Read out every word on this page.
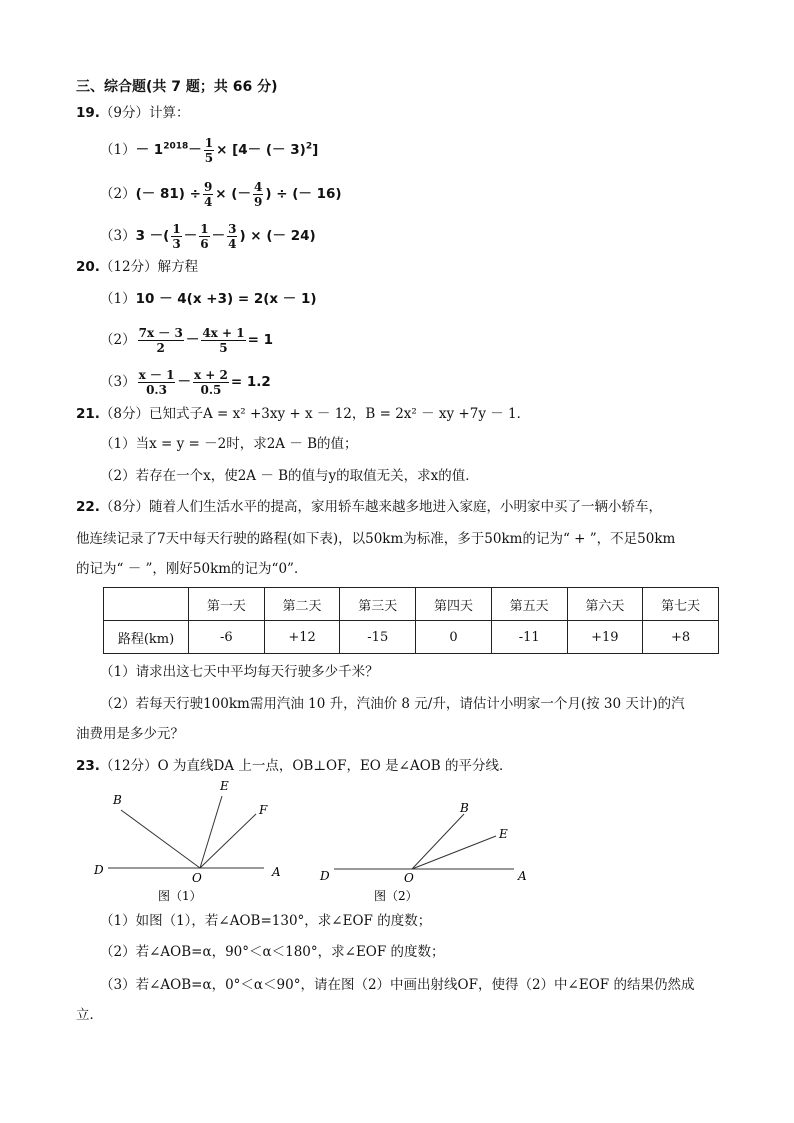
三、综合题(共 7 题；共 66 分)
19.（9分）计算：
$(1)- 1^{2018}- \frac{1}{5} \times [4-$ (－ 3)$^2$]
$(2)(- 81) \div \frac{9}{4}$ × (－ $\frac{4}{9}$ ) ÷ (－ 16)
（3）3 －( $\frac{1}{3} - \frac{1}{6} - \frac{3}{4}$ ) × (－ 24)
20.（12分）解方程
（1）10 － 4(x +3) = 2(x － 1)
$(2) \frac{7x - 3}{2} - \frac{4x + 1}{5} = 1$
$(3) \frac{x - 1}{0.3} - \frac{x + 2}{0.5} = 1.2$
21.（8分）已知式子A = x² +3xy + x － 12，B = 2x² － xy +7y － 1．
（1）当x = y = －2时，求2A － B的值；
（2）若存在一个x，使2A － B的值与y的取值无关，求x的值．
22.（8分）随着人们生活水平的提高，家用轿车越来越多地进入家庭，小明家中买了一辆小轿车，
他连续记录了7天中每天行驶的路程(如下表)，以50km为标准，多于50km的记为“ + ”，不足50km
的记为“ － ”，刚好50km的记为“0”．
	第一天	第二天	第三天	第四天	第五天	第六天	第七天
路程(km)	-6	+12	-15	0	-11	+19	+8
（1）请求出这七天中平均每天行驶多少千米？
（2）若每天行驶100km需用汽油 10 升，汽油价 8 元/升，请估计小明家一个月(按 30 天计)的汽
油费用是多少元？
23.（12分）O 为直线DA 上一点，OB⊥OF，EO 是∠AOB 的平分线．
B
E
F
D
O	A
图（1）
B
E
D	O	A
图（2）
（1）如图（1），若∠AOB=130°，求∠EOF 的度数；
（2）若∠AOB=α，90°＜α＜180°，求∠EOF 的度数；
（3）若∠AOB=α，0°＜α＜90°，请在图（2）中画出射线OF，使得（2）中∠EOF 的结果仍然成
立．
